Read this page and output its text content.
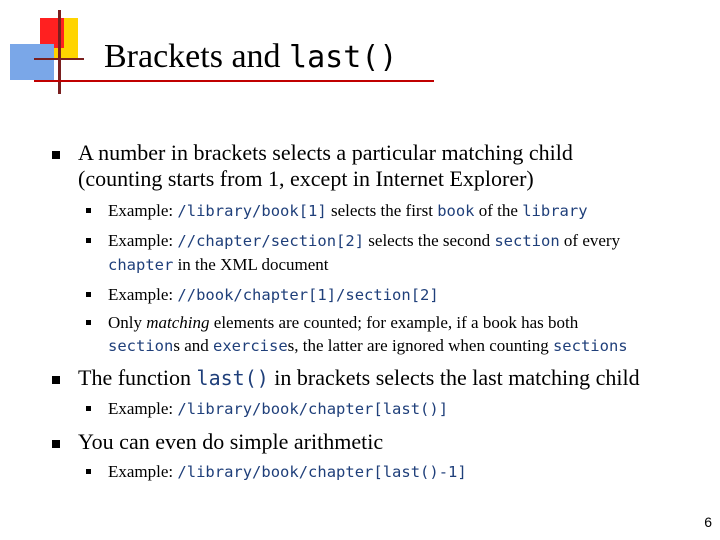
Brackets and last()
A number in brackets selects a particular matching child
(counting starts from 1, except in Internet Explorer)
Example: /library/book[1] selects the first book of the library
Example: //chapter/section[2] selects the second section of every
chapter in the XML document
Example: //book/chapter[1]/section[2]
Only matching elements are counted; for example, if a book has both
sections and exercises, the latter are ignored when counting sections
The function last() in brackets selects the last matching child
Example: /library/book/chapter[last()]
You can even do simple arithmetic
Example: /library/book/chapter[last()-1]
6
